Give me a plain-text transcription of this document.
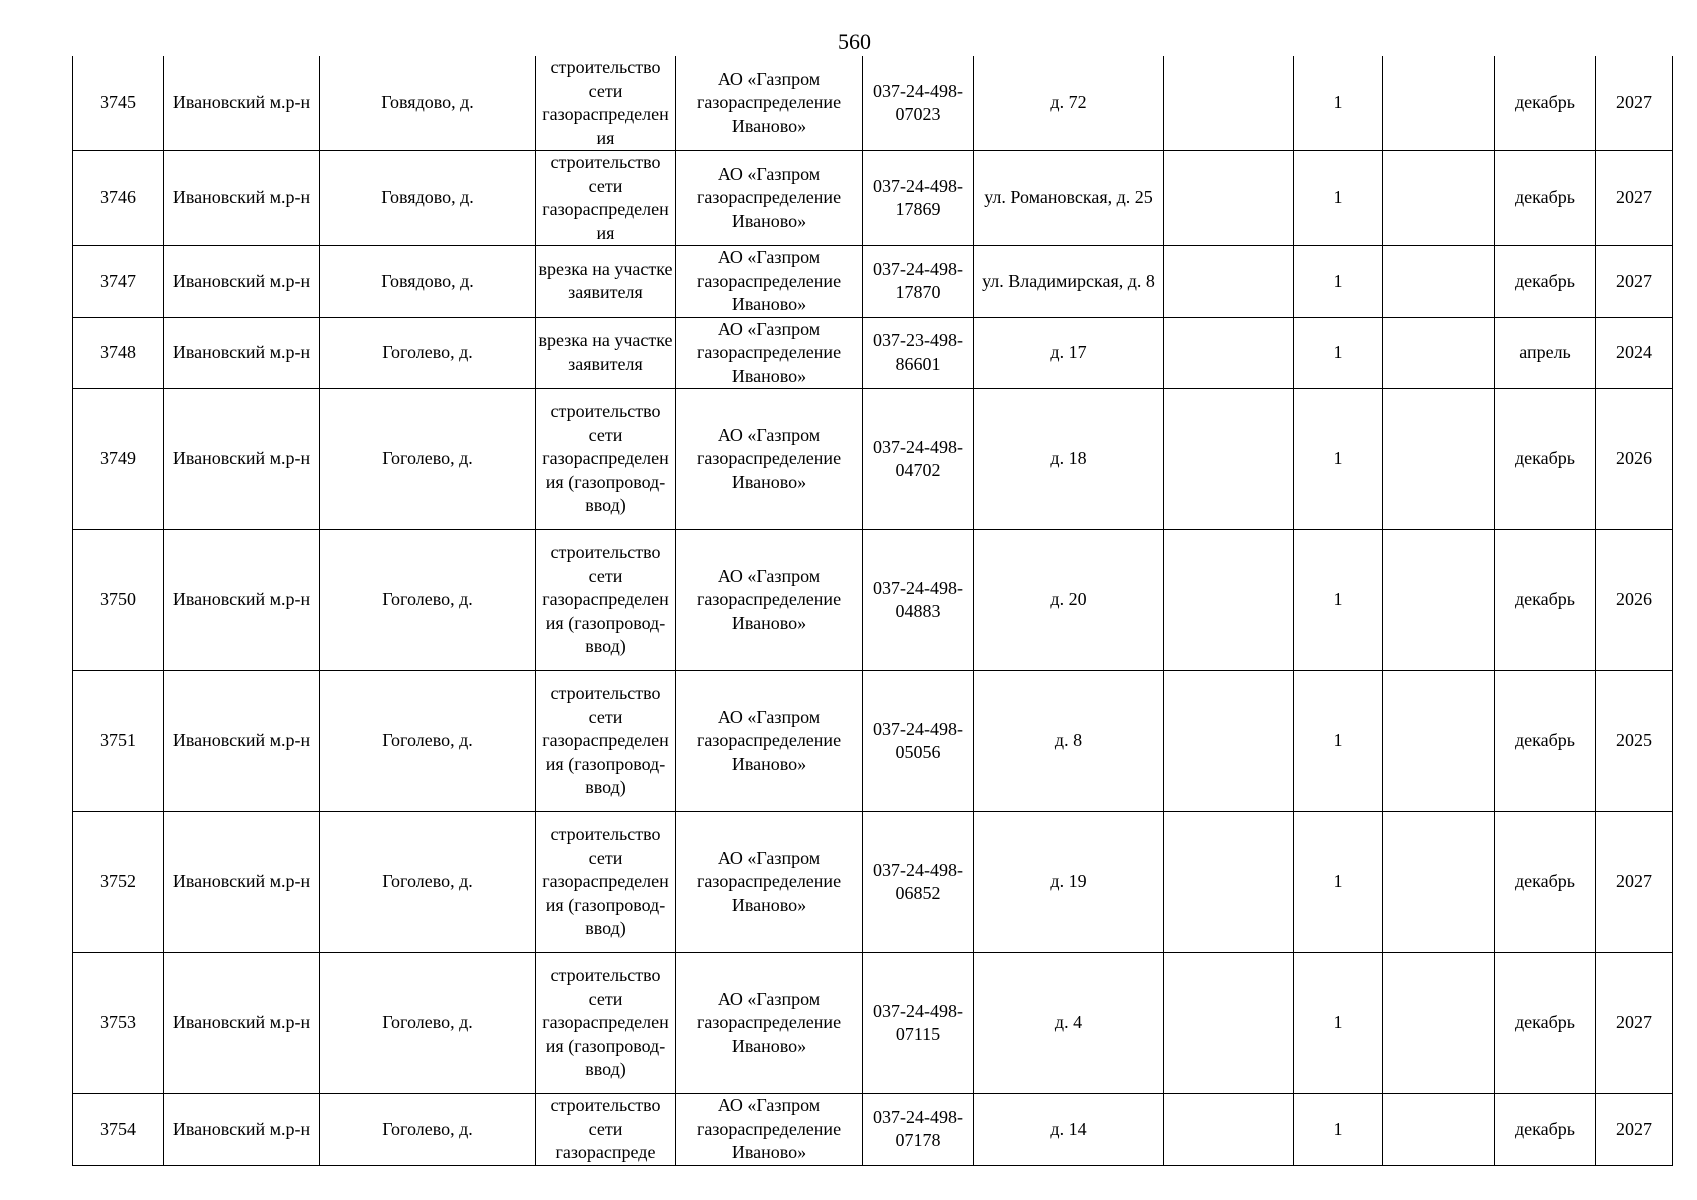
560
3745	Ивановский м.р-н	Говядово, д.	строительство сети газораспределения	АО «Газпром газораспределение Иваново»	037-24-498-07023	д. 72		1		декабрь	2027

3746	Ивановский м.р-н	Говядово, д.	строительство сети газораспределения	АО «Газпром газораспределение Иваново»	037-24-498-17869	ул. Романовская, д. 25		1		декабрь	2027

3747	Ивановский м.р-н	Говядово, д.	врезка на участке заявителя	АО «Газпром газораспределение Иваново»	037-24-498-17870	ул. Владимирская, д. 8		1		декабрь	2027

3748	Ивановский м.р-н	Гоголево, д.	врезка на участке заявителя	АО «Газпром газораспределение Иваново»	037-23-498-86601	д. 17		1		апрель	2024

3749	Ивановский м.р-н	Гоголево, д.	строительство сети газораспределения (газопровод-ввод)	АО «Газпром газораспределение Иваново»	037-24-498-04702	д. 18		1		декабрь	2026

3750	Ивановский м.р-н	Гоголево, д.	строительство сети газораспределения (газопровод-ввод)	АО «Газпром газораспределение Иваново»	037-24-498-04883	д. 20		1		декабрь	2026

3751	Ивановский м.р-н	Гоголево, д.	строительство сети газораспределения (газопровод-ввод)	АО «Газпром газораспределение Иваново»	037-24-498-05056	д. 8		1		декабрь	2025

3752	Ивановский м.р-н	Гоголево, д.	строительство сети газораспределения (газопровод-ввод)	АО «Газпром газораспределение Иваново»	037-24-498-06852	д. 19		1		декабрь	2027

3753	Ивановский м.р-н	Гоголево, д.	строительство сети газораспределения (газопровод-ввод)	АО «Газпром газораспределение Иваново»	037-24-498-07115	д. 4		1		декабрь	2027

3754	Ивановский м.р-н	Гоголево, д.	строительство сети газораспреде	АО «Газпром газораспределение Иваново»	037-24-498-07178	д. 14		1		декабрь	2027
